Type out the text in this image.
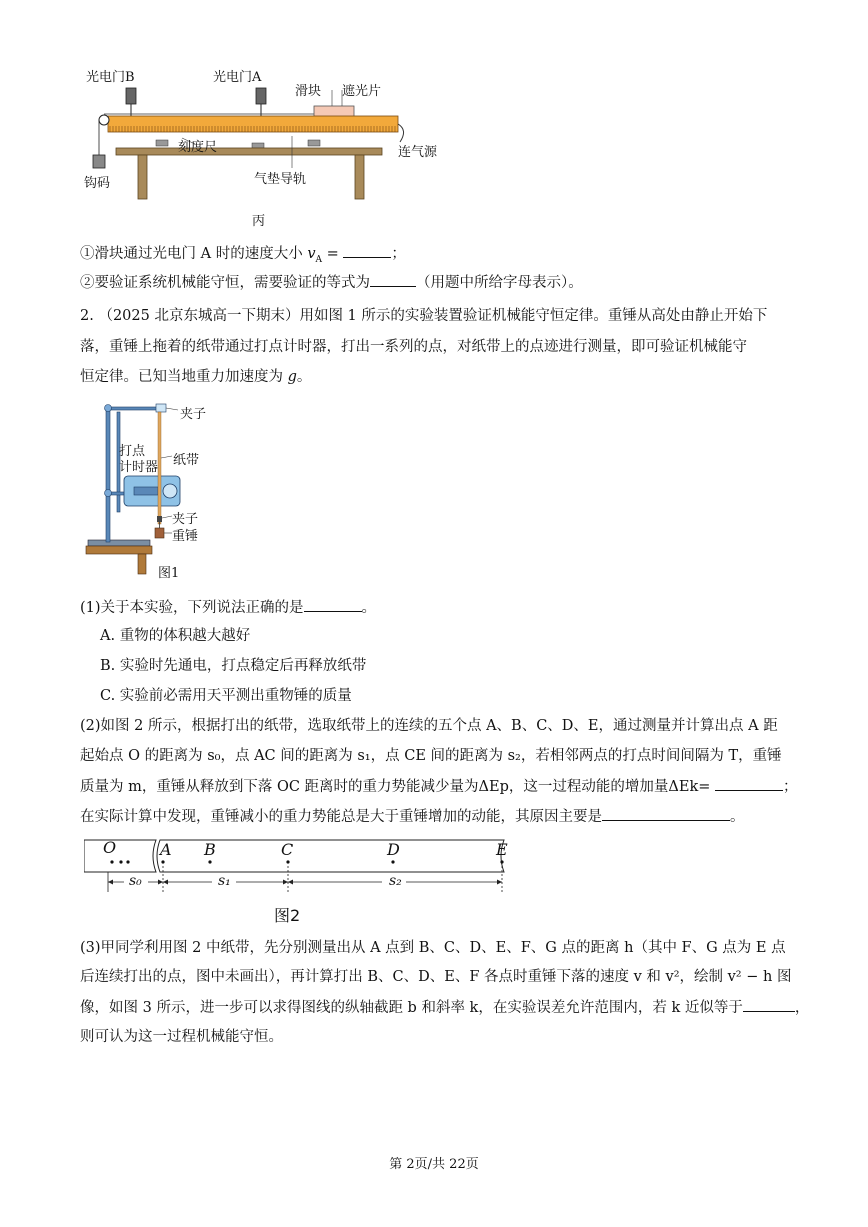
光电门B	光电门A
滑块 遮光片
刻度尺	连气源
钩码	气垫导轨
丙
①滑块通过光电门 A 时的速度大小 $v_A$ =	；
②要验证系统机械能守恒，需要验证的等式为	（用题中所给字母表示）。
2. （2025 北京东城高一下期末）用如图 1 所示的实验装置验证机械能守恒定律。重锤从高处由静止开始下
落，重锤上拖着的纸带通过打点计时器，打出一系列的点，对纸带上的点迹进行测量，即可验证机械能守
恒定律。已知当地重力加速度为 g。
夹子
打点
计时器 纸带
夹子
重锤
图1
(1)关于本实验，下列说法正确的是	。
A. 重物的体积越大越好
B. 实验时先通电，打点稳定后再释放纸带
C. 实验前必需用天平测出重物锤的质量
(2)如图 2 所示，根据打出的纸带，选取纸带上的连续的五个点 A、B、C、D、E，通过测量并计算出点 A 距
起始点 O 的距离为 s₀，点 AC 间的距离为 s₁，点 CE 间的距离为 s₂，若相邻两点的打点时间间隔为 T，重锤
质量为 m，重锤从释放到下落 OC 距离时的重力势能减少量为ΔEp，这一过程动能的增加量ΔEk=	；
在实际计算中发现，重锤减小的重力势能总是大于重锤增加的动能，其原因主要是	。
O	A B	C	D	E
s₀	s₁	s₂
图2
(3)甲同学利用图 2 中纸带，先分别测量出从 A 点到 B、C、D、E、F、G 点的距离 h（其中 F、G 点为 E 点
后连续打出的点，图中未画出），再计算打出 B、C、D、E、F 各点时重锤下落的速度 v 和 v²，绘制 v² − h 图
像，如图 3 所示，进一步可以求得图线的纵轴截距 b 和斜率 k，在实验误差允许范围内，若 k 近似等于	，
则可认为这一过程机械能守恒。
第 2页/共 22页
